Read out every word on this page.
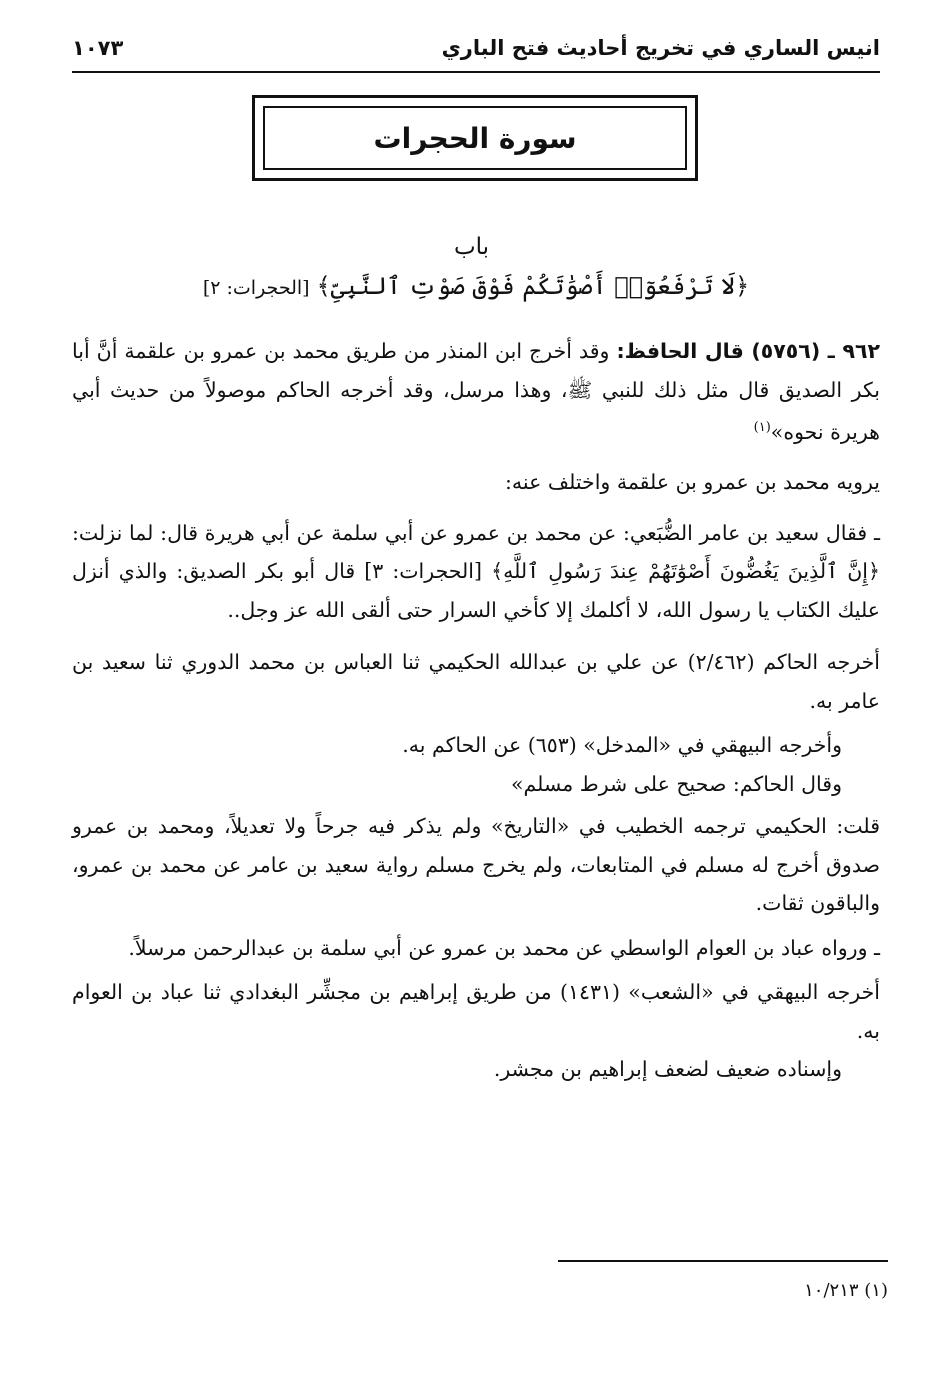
انيس الساري في تخريج أحاديث فتح الباري
١٠٧٣
سورة الحجرات
باب
﴿لَا تَرْفَعُوٓا۟ أَصْوَٰتَكُمْ فَوْقَ صَوْتِ ٱلنَّبِىِّ﴾ [الحجرات: ٢]
٩٦٢ ـ (٥٧٥٦) قال الحافظ: وقد أخرج ابن المنذر من طريق محمد بن عمرو بن علقمة أنَّ أبا بكر الصديق قال مثل ذلك للنبي ﷺ، وهذا مرسل، وقد أخرجه الحاكم موصولاً من حديث أبي هريرة نحوه»$^{(١)}$
يرويه محمد بن عمرو بن علقمة واختلف عنه:
ـ فقال سعيد بن عامر الضُّبَعي: عن محمد بن عمرو عن أبي سلمة عن أبي هريرة قال: لما نزلت: ﴿إِنَّ ٱلَّذِينَ يَغُضُّونَ أَصْوَٰتَهُمْ عِندَ رَسُولِ ٱللَّهِ﴾ [الحجرات: ٣] قال أبو بكر الصديق: والذي أنزل عليك الكتاب يا رسول الله، لا أكلمك إلا كأخي السرار حتى ألقى الله عز وجل..
أخرجه الحاكم (٢/٤٦٢) عن علي بن عبدالله الحكيمي ثنا العباس بن محمد الدوري ثنا سعيد بن عامر به.
وأخرجه البيهقي في «المدخل» (٦٥٣) عن الحاكم به.
وقال الحاكم: صحيح على شرط مسلم»
قلت: الحكيمي ترجمه الخطيب في «التاريخ» ولم يذكر فيه جرحاً ولا تعديلاً، ومحمد بن عمرو صدوق أخرج له مسلم في المتابعات، ولم يخرج مسلم رواية سعيد بن عامر عن محمد بن عمرو، والباقون ثقات.
ـ ورواه عباد بن العوام الواسطي عن محمد بن عمرو عن أبي سلمة بن عبدالرحمن مرسلاً.
أخرجه البيهقي في «الشعب» (١٤٣١) من طريق إبراهيم بن مجشِّر البغدادي ثنا عباد بن العوام به.
وإسناده ضعيف لضعف إبراهيم بن مجشر.
(١) ١٠/٢١٣
